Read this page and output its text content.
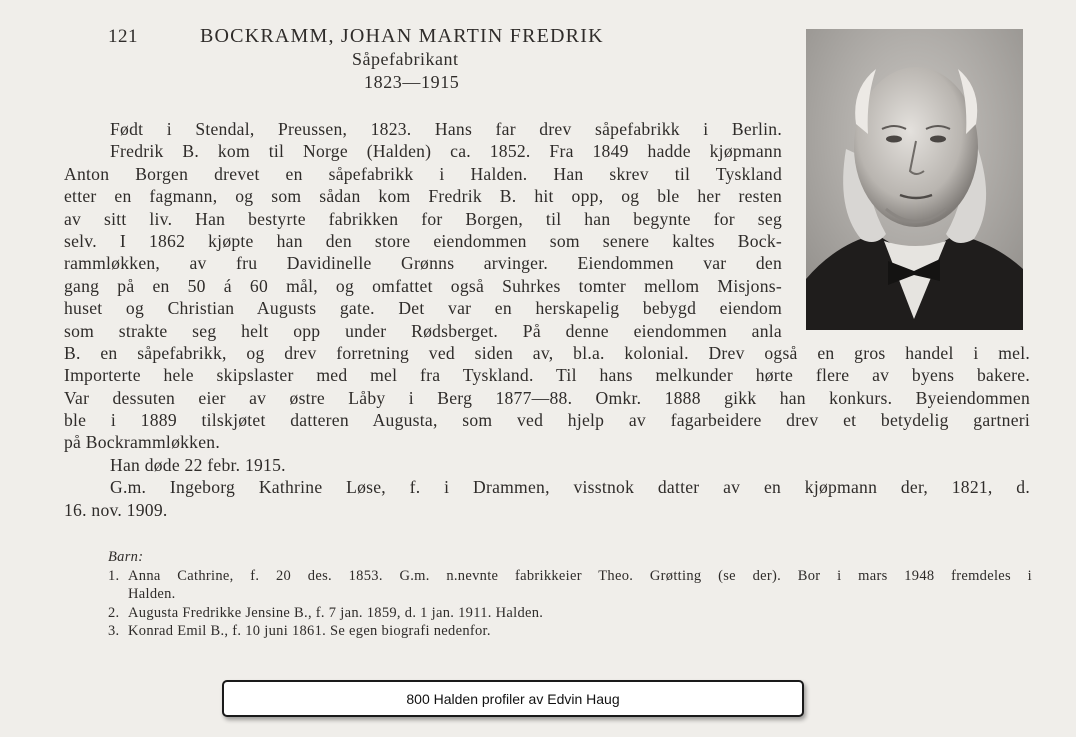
121	BOCKRAMM, JOHAN MARTIN FREDRIK
Såpefabrikant
1823—1915
Født i Stendal, Preussen, 1823. Hans far drev såpefabrikk i Berlin.
Fredrik B. kom til Norge (Halden) ca. 1852. Fra 1849 hadde kjøpmann
Anton Borgen drevet en såpefabrikk i Halden. Han skrev til Tyskland
etter en fagmann, og som sådan kom Fredrik B. hit opp, og ble her resten
av sitt liv. Han bestyrte fabrikken for Borgen, til han begynte for seg
selv. I 1862 kjøpte han den store eiendommen som senere kaltes Bock-
rammløkken, av fru Davidinelle Grønns arvinger. Eiendommen var den
gang på en 50 á 60 mål, og omfattet også Suhrkes tomter mellom Misjons-
huset og Christian Augusts gate. Det var en herskapelig bebygd eiendom
som strakte seg helt opp under Rødsberget. På denne eiendommen anla
B. en såpefabrikk, og drev forretning ved siden av, bl.a. kolonial. Drev også en gros handel i mel.
Importerte hele skipslaster med mel fra Tyskland. Til hans melkunder hørte flere av byens bakere.
Var dessuten eier av østre Låby i Berg 1877—88. Omkr. 1888 gikk han konkurs. Byeiendommen
ble i 1889 tilskjøtet datteren Augusta, som ved hjelp av fagarbeidere drev et betydelig gartneri
på Bockrammløkken.
Han døde 22 febr. 1915.
G.m. Ingeborg Kathrine Løse, f. i Drammen, visstnok datter av en kjøpmann der, 1821, d.
16. nov. 1909.
Barn:
1. Anna Cathrine, f. 20 des. 1853. G.m. n.nevnte fabrikkeier Theo. Grøtting (se der). Bor i mars 1948 fremdeles i
Halden.
2. Augusta Fredrikke Jensine B., f. 7 jan. 1859, d. 1 jan. 1911. Halden.
3. Konrad Emil B., f. 10 juni 1861. Se egen biografi nedenfor.
800 Halden profiler av Edvin Haug
